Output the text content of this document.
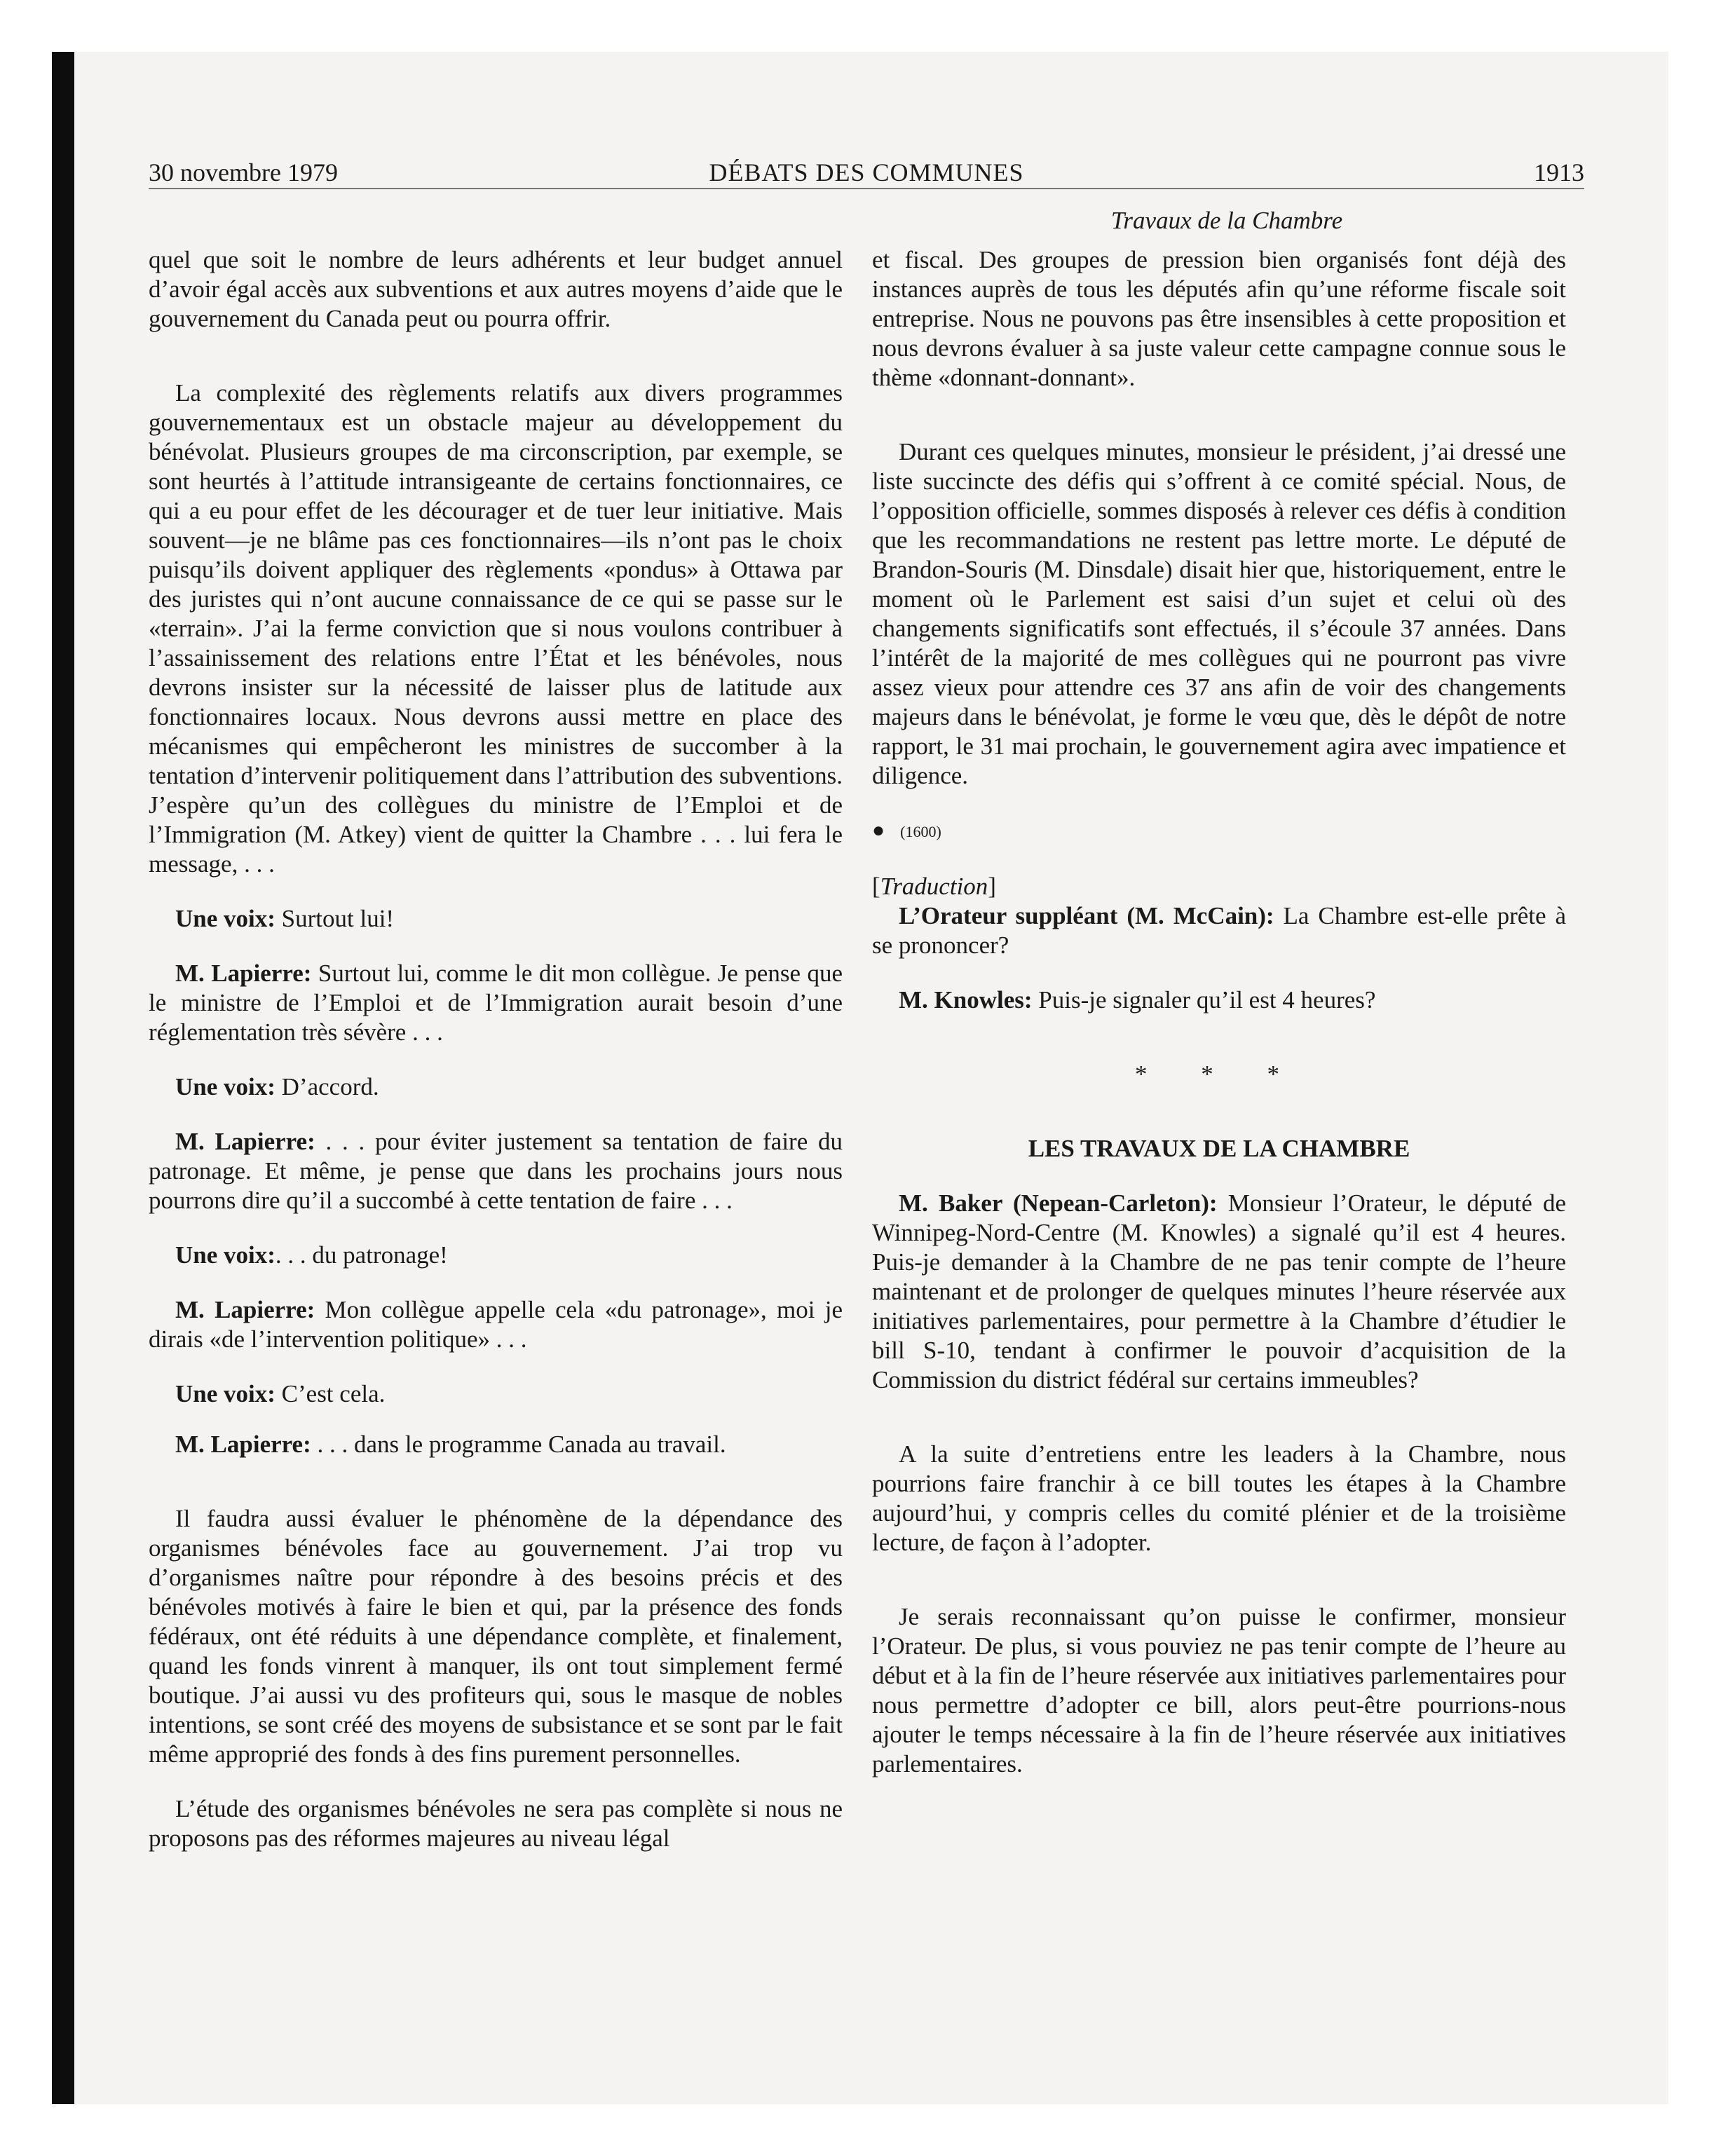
30 novembre 1979	DÉBATS DES COMMUNES	1913
Travaux de la Chambre

quel que soit le nombre de leurs adhérents et leur budget annuel d’avoir égal accès aux subventions et aux autres moyens d’aide que le gouvernement du Canada peut ou pourra offrir.

La complexité des règlements relatifs aux divers programmes gouvernementaux est un obstacle majeur au développement du bénévolat. Plusieurs groupes de ma circonscription, par exemple, se sont heurtés à l’attitude intransigeante de certains fonctionnaires, ce qui a eu pour effet de les décourager et de tuer leur initiative. Mais souvent—je ne blâme pas ces fonctionnaires—ils n’ont pas le choix puisqu’ils doivent appliquer des règlements «pondus» à Ottawa par des juristes qui n’ont aucune connaissance de ce qui se passe sur le «terrain». J’ai la ferme conviction que si nous voulons contribuer à l’assainissement des relations entre l’État et les bénévoles, nous devrons insister sur la nécessité de laisser plus de latitude aux fonctionnaires locaux. Nous devrons aussi mettre en place des mécanismes qui empêcheront les ministres de succomber à la tentation d’intervenir politiquement dans l’attribution des subventions. J’espère qu’un des collègues du ministre de l’Emploi et de l’Immigration (M. Atkey) vient de quitter la Chambre . . . lui fera le message, . . .

Une voix: Surtout lui!

M. Lapierre: Surtout lui, comme le dit mon collègue. Je pense que le ministre de l’Emploi et de l’Immigration aurait besoin d’une réglementation très sévère . . .

Une voix: D’accord.

M. Lapierre: . . . pour éviter justement sa tentation de faire du patronage. Et même, je pense que dans les prochains jours nous pourrons dire qu’il a succombé à cette tentation de faire . . .

Une voix:. . . du patronage!

M. Lapierre: Mon collègue appelle cela «du patronage», moi je dirais «de l’intervention politique» . . .

Une voix: C’est cela.

M. Lapierre: . . . dans le programme Canada au travail.

Il faudra aussi évaluer le phénomène de la dépendance des organismes bénévoles face au gouvernement. J’ai trop vu d’organismes naître pour répondre à des besoins précis et des bénévoles motivés à faire le bien et qui, par la présence des fonds fédéraux, ont été réduits à une dépendance complète, et finalement, quand les fonds vinrent à manquer, ils ont tout simplement fermé boutique. J’ai aussi vu des profiteurs qui, sous le masque de nobles intentions, se sont créé des moyens de subsistance et se sont par le fait même approprié des fonds à des fins purement personnelles.

L’étude des organismes bénévoles ne sera pas complète si nous ne proposons pas des réformes majeures au niveau légal

et fiscal. Des groupes de pression bien organisés font déjà des instances auprès de tous les députés afin qu’une réforme fiscale soit entreprise. Nous ne pouvons pas être insensibles à cette proposition et nous devrons évaluer à sa juste valeur cette campagne connue sous le thème «donnant-donnant».

Durant ces quelques minutes, monsieur le président, j’ai dressé une liste succincte des défis qui s’offrent à ce comité spécial. Nous, de l’opposition officielle, sommes disposés à relever ces défis à condition que les recommandations ne restent pas lettre morte. Le député de Brandon-Souris (M. Dinsdale) disait hier que, historiquement, entre le moment où le Parlement est saisi d’un sujet et celui où des changements significatifs sont effectués, il s’écoule 37 années. Dans l’intérêt de la majorité de mes collègues qui ne pourront pas vivre assez vieux pour attendre ces 37 ans afin de voir des changements majeurs dans le bénévolat, je forme le vœu que, dès le dépôt de notre rapport, le 31 mai prochain, le gouvernement agira avec impatience et diligence.

● (1600)

[Traduction]

L’Orateur suppléant (M. McCain): La Chambre est-elle prête à se prononcer?

M. Knowles: Puis-je signaler qu’il est 4 heures?

* * *

LES TRAVAUX DE LA CHAMBRE

M. Baker (Nepean-Carleton): Monsieur l’Orateur, le député de Winnipeg-Nord-Centre (M. Knowles) a signalé qu’il est 4 heures. Puis-je demander à la Chambre de ne pas tenir compte de l’heure maintenant et de prolonger de quelques minutes l’heure réservée aux initiatives parlementaires, pour permettre à la Chambre d’étudier le bill S-10, tendant à confirmer le pouvoir d’acquisition de la Commission du district fédéral sur certains immeubles?

A la suite d’entretiens entre les leaders à la Chambre, nous pourrions faire franchir à ce bill toutes les étapes à la Chambre aujourd’hui, y compris celles du comité plénier et de la troisième lecture, de façon à l’adopter.

Je serais reconnaissant qu’on puisse le confirmer, monsieur l’Orateur. De plus, si vous pouviez ne pas tenir compte de l’heure au début et à la fin de l’heure réservée aux initiatives parlementaires pour nous permettre d’adopter ce bill, alors peut-être pourrions-nous ajouter le temps nécessaire à la fin de l’heure réservée aux initiatives parlementaires.
